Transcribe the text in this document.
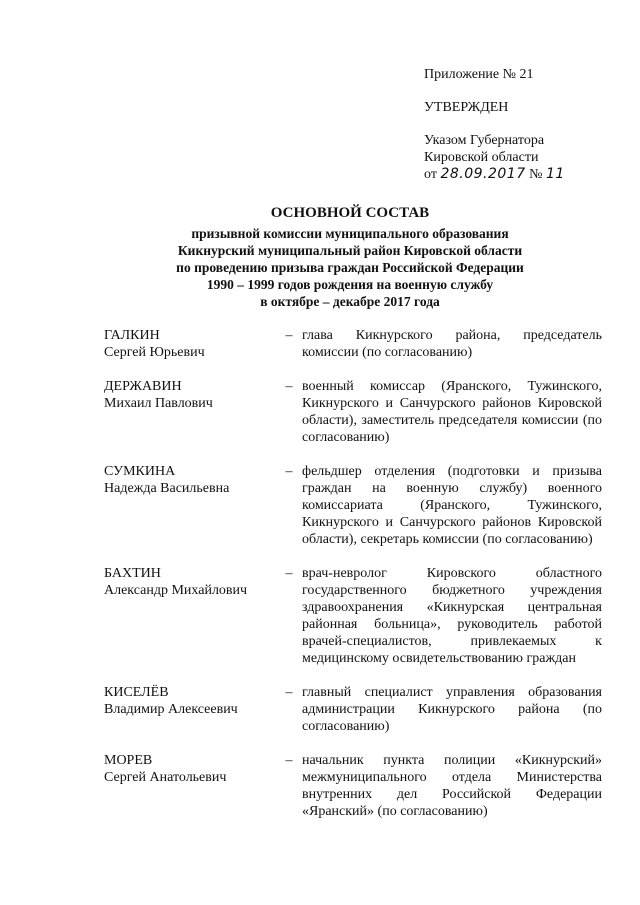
Приложение № 21
УТВЕРЖДЕН
Указом Губернатора
Кировской области
от 28.09.2017 № 11
ОСНОВНОЙ СОСТАВ
призывной комиссии муниципального образования
Кикнурский муниципальный район Кировской области
по проведению призыва граждан Российской Федерации
1990 – 1999 годов рождения на военную службу
в октябре – декабре 2017 года
ГАЛКИН
Сергей Юрьевич
– глава Кикнурского района, председатель комиссии (по согласованию)
ДЕРЖАВИН
Михаил Павлович
– военный комиссар (Яранского, Тужинского, Кикнурского и Санчурского районов Кировской области), заместитель председателя комиссии (по согласованию)
СУМКИНА
Надежда Васильевна
– фельдшер отделения (подготовки и призыва граждан на военную службу) военного комиссариата (Яранского, Тужинского, Кикнурского и Санчурского районов Кировской области), секретарь комиссии (по согласованию)
БАХТИН
Александр Михайлович
– врач-невролог Кировского областного государственного бюджетного учреждения здравоохранения «Кикнурская центральная районная больница», руководитель работой врачей-специалистов, привлекаемых к медицинскому освидетельствованию граждан
КИСЕЛЁВ
Владимир Алексеевич
– главный специалист управления образования администрации Кикнурского района (по согласованию)
МОРЕВ
Сергей Анатольевич
– начальник пункта полиции «Кикнурский» межмуниципального отдела Министерства внутренних дел Российской Федерации «Яранский» (по согласованию)
